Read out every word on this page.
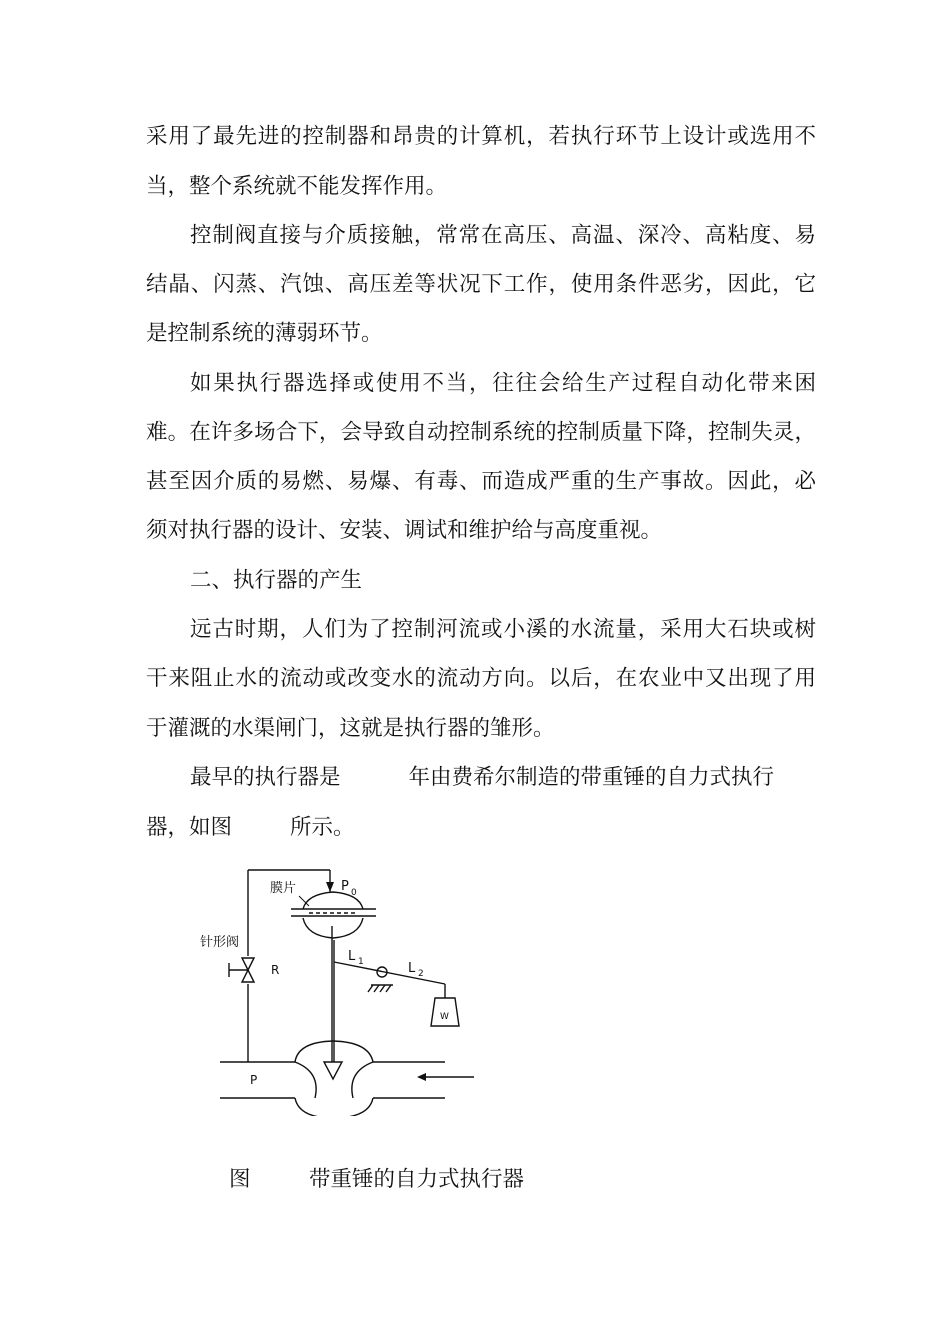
采用了最先进的控制器和昂贵的计算机，若执行环节上设计或选用不
当，整个系统就不能发挥作用。
控制阀直接与介质接触，常常在高压、高温、深冷、高粘度、易
结晶、闪蒸、汽蚀、高压差等状况下工作，使用条件恶劣，因此，它
是控制系统的薄弱环节。
如果执行器选择或使用不当，往往会给生产过程自动化带来困
难。在许多场合下，会导致自动控制系统的控制质量下降，控制失灵，
甚至因介质的易燃、易爆、有毒、而造成严重的生产事故。因此，必
须对执行器的设计、安装、调试和维护给与高度重视。
二、执行器的产生
远古时期，人们为了控制河流或小溪的水流量，采用大石块或树
干来阻止水的流动或改变水的流动方向。以后，在农业中又出现了用
于灌溉的水渠闸门，这就是执行器的雏形。
最早的执行器是	年由费希尔制造的带重锤的自力式执行
器，如图	所示。
膜片	P 0
针形阀
R
L 1	L 2
W
P
图	带重锤的自力式执行器
